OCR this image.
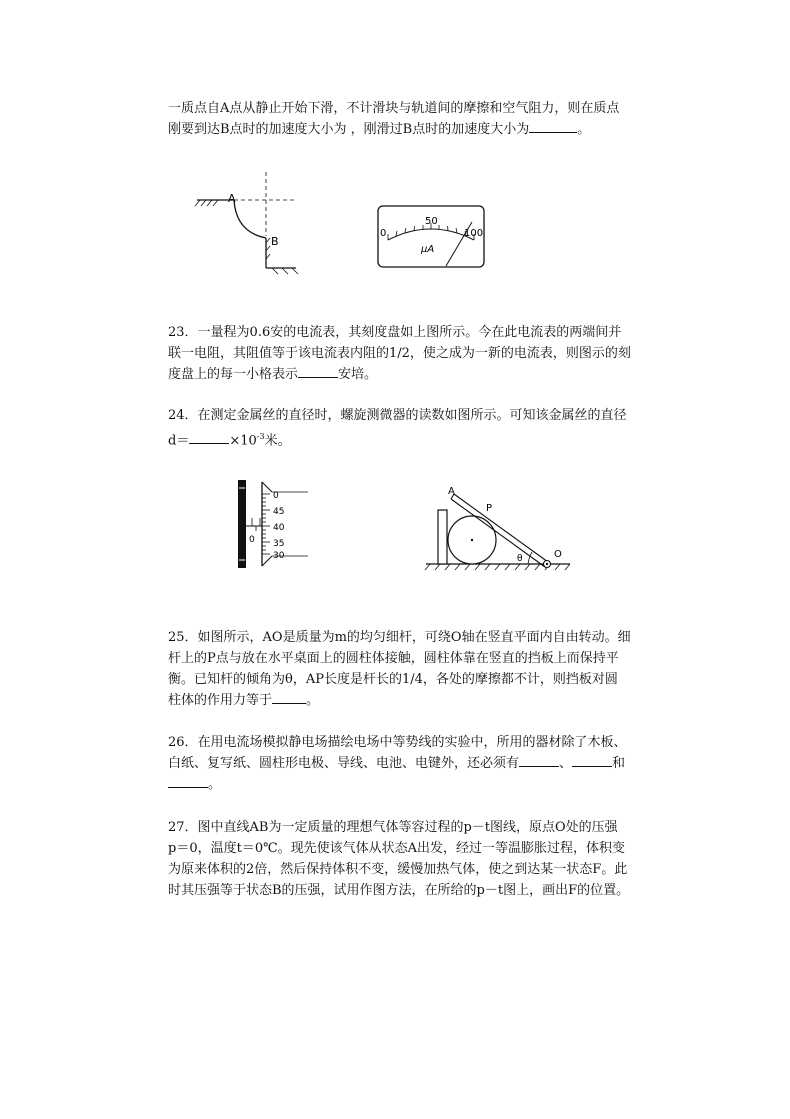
一质点自A点从静止开始下滑，不计滑块与轨道间的摩擦和空气阻力，则在质点
刚要到达B点时的加速度大小为 ，刚滑过B点时的加速度大小为	。
A
B
0
50
100
μA
23．一量程为0.6安的电流表，其刻度盘如上图所示。今在此电流表的两端间并
联一电阻，其阻值等于该电流表内阻的1/2，使之成为一新的电流表，则图示的刻
度盘上的每一小格表示	安培。
24．在测定金属丝的直径时，螺旋测微器的读数如图所示。可知该金属丝的直径
d＝	$\times 10^{-3}$米。
0
0
45
40
35
30
A
P
O
θ
25．如图所示，AO是质量为m的均匀细杆，可绕O轴在竖直平面内自由转动。细
杆上的P点与放在水平桌面上的圆柱体接触，圆柱体靠在竖直的挡板上而保持平
衡。已知杆的倾角为θ，AP长度是杆长的1/4，各处的摩擦都不计，则挡板对圆
柱体的作用力等于	。
26．在用电流场模拟静电场描绘电场中等势线的实验中，所用的器材除了木板、
白纸、复写纸、圆柱形电极、导线、电池、电键外，还必须有	、	和
。
27．图中直线AB为一定质量的理想气体等容过程的p－t图线，原点O处的压强
p＝0，温度t＝0℃。现先使该气体从状态A出发，经过一等温膨胀过程，体积变
为原来体积的2倍，然后保持体积不变，缓慢加热气体，使之到达某一状态F。此
时其压强等于状态B的压强，试用作图方法，在所给的p－t图上，画出F的位置。
